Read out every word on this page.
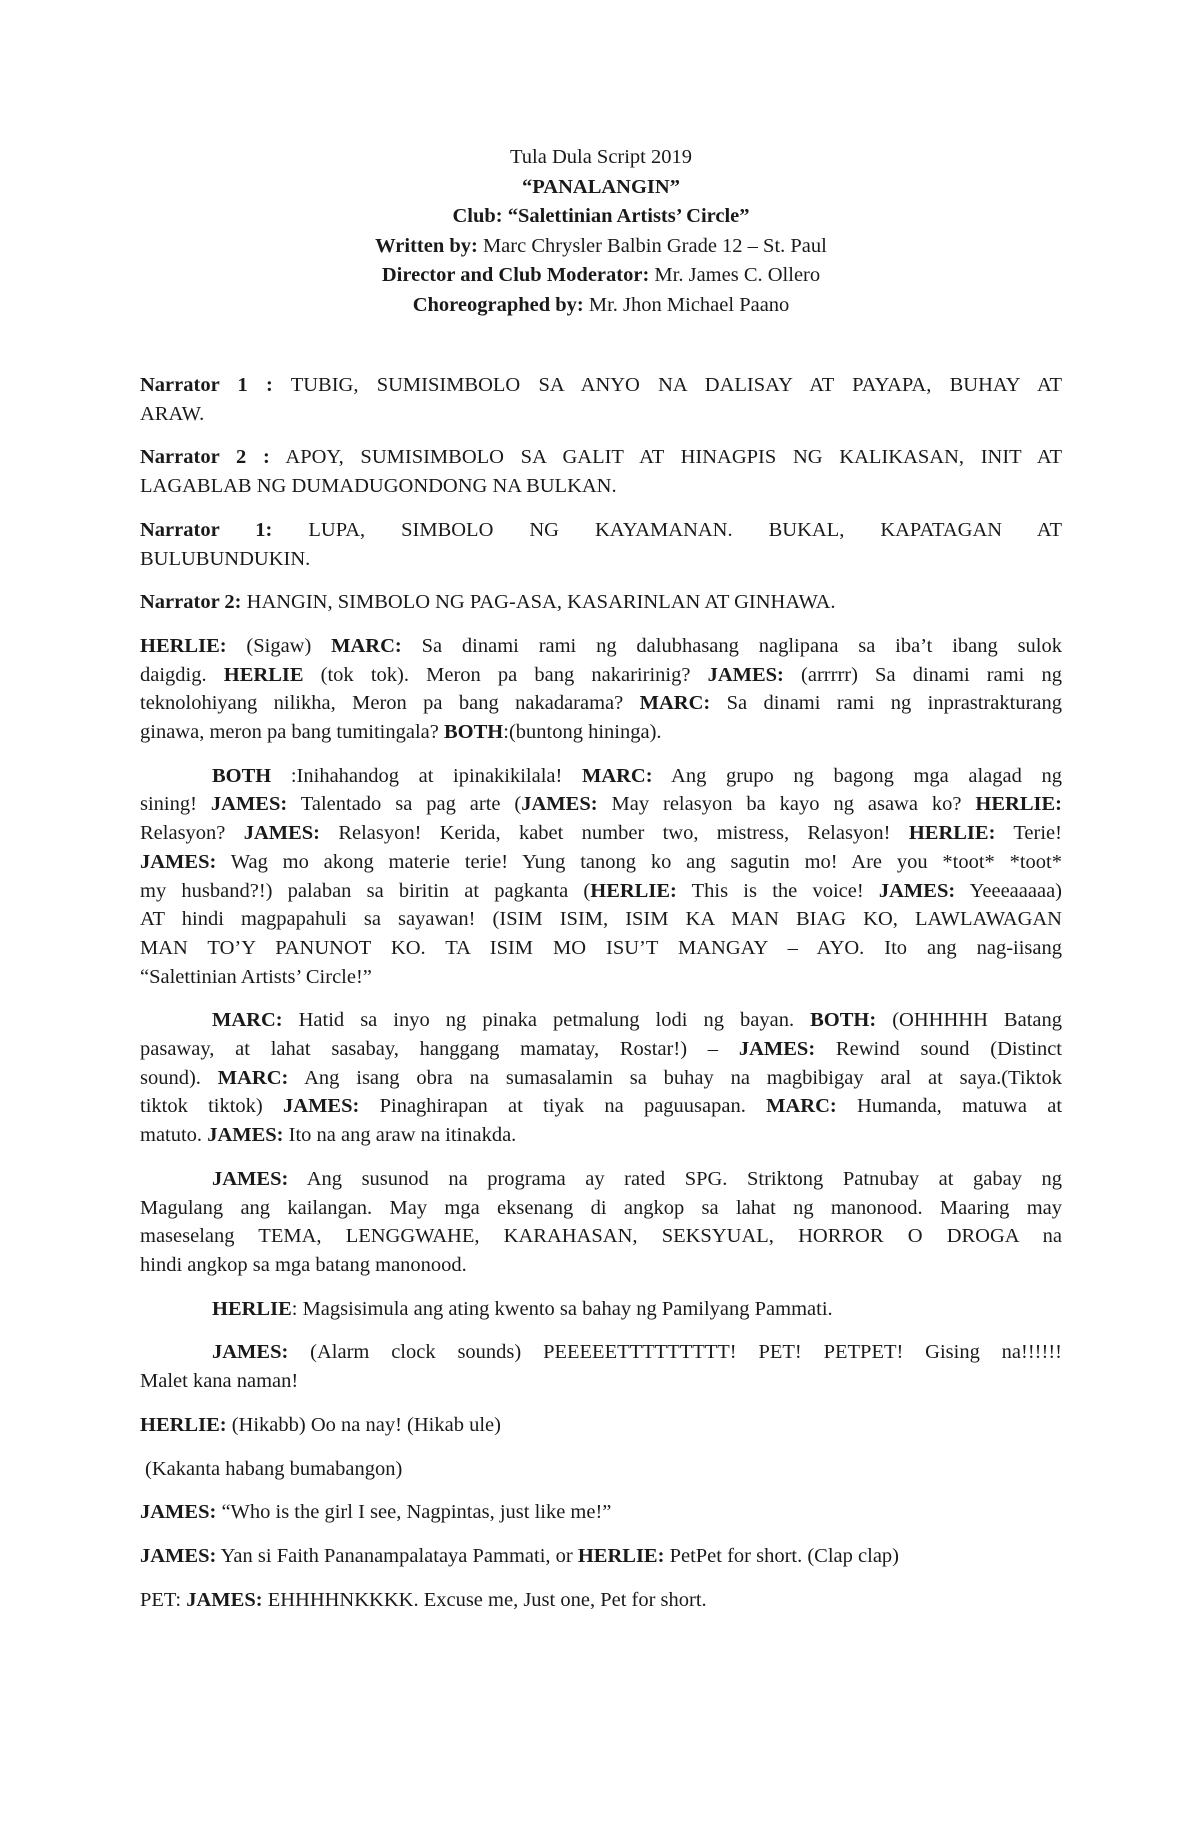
Tula Dula Script 2019
“PANALANGIN”
Club: “Salettinian Artists’ Circle”
Written by: Marc Chrysler Balbin Grade 12 – St. Paul
Director and Club Moderator: Mr. James C. Ollero
Choreographed by: Mr. Jhon Michael Paano
Narrator 1 : TUBIG, SUMISIMBOLO SA ANYO NA DALISAY AT PAYAPA, BUHAY AT
ARAW.
Narrator 2 : APOY, SUMISIMBOLO SA GALIT AT HINAGPIS NG KALIKASAN, INIT AT
LAGABLAB NG DUMADUGONDONG NA BULKAN.
Narrator 1: LUPA, SIMBOLO NG KAYAMANAN. BUKAL, KAPATAGAN AT
BULUBUNDUKIN.
Narrator 2: HANGIN, SIMBOLO NG PAG-ASA, KASARINLAN AT GINHAWA.
HERLIE: (Sigaw) MARC: Sa dinami rami ng dalubhasang naglipana sa iba’t ibang sulok
daigdig. HERLIE (tok tok). Meron pa bang nakaririnig? JAMES: (arrrrr) Sa dinami rami ng
teknolohiyang nilikha, Meron pa bang nakadarama? MARC: Sa dinami rami ng inprastrakturang
ginawa, meron pa bang tumitingala? BOTH:(buntong hininga).
BOTH :Inihahandog at ipinakikilala! MARC: Ang grupo ng bagong mga alagad ng
sining! JAMES: Talentado sa pag arte (JAMES: May relasyon ba kayo ng asawa ko? HERLIE:
Relasyon? JAMES: Relasyon! Kerida, kabet number two, mistress, Relasyon! HERLIE: Terie!
JAMES: Wag mo akong materie terie! Yung tanong ko ang sagutin mo! Are you *toot* *toot*
my husband?!) palaban sa biritin at pagkanta (HERLIE: This is the voice! JAMES: Yeeeaaaaa)
AT hindi magpapahuli sa sayawan! (ISIM ISIM, ISIM KA MAN BIAG KO, LAWLAWAGAN
MAN TO’Y PANUNOT KO. TA ISIM MO ISU’T MANGAY – AYO. Ito ang nag-iisang
“Salettinian Artists’ Circle!”
MARC: Hatid sa inyo ng pinaka petmalung lodi ng bayan. BOTH: (OHHHHH Batang
pasaway, at lahat sasabay, hanggang mamatay, Rostar!) – JAMES: Rewind sound (Distinct
sound). MARC: Ang isang obra na sumasalamin sa buhay na magbibigay aral at saya.(Tiktok
tiktok tiktok) JAMES: Pinaghirapan at tiyak na paguusapan. MARC: Humanda, matuwa at
matuto. JAMES: Ito na ang araw na itinakda.
JAMES: Ang susunod na programa ay rated SPG. Striktong Patnubay at gabay ng
Magulang ang kailangan. May mga eksenang di angkop sa lahat ng manonood. Maaring may
maseselang TEMA, LENGGWAHE, KARAHASAN, SEKSYUAL, HORROR O DROGA na
hindi angkop sa mga batang manonood.
HERLIE: Magsisimula ang ating kwento sa bahay ng Pamilyang Pammati.
JAMES: (Alarm clock sounds) PEEEEETTTTTTTTT! PET! PETPET! Gising na!!!!!!
Malet kana naman!
HERLIE: (Hikabb) Oo na nay! (Hikab ule)
(Kakanta habang bumabangon)
JAMES: “Who is the girl I see, Nagpintas, just like me!”
JAMES: Yan si Faith Pananampalataya Pammati, or HERLIE: PetPet for short. (Clap clap)
PET: JAMES: EHHHHNKKKK. Excuse me, Just one, Pet for short.
